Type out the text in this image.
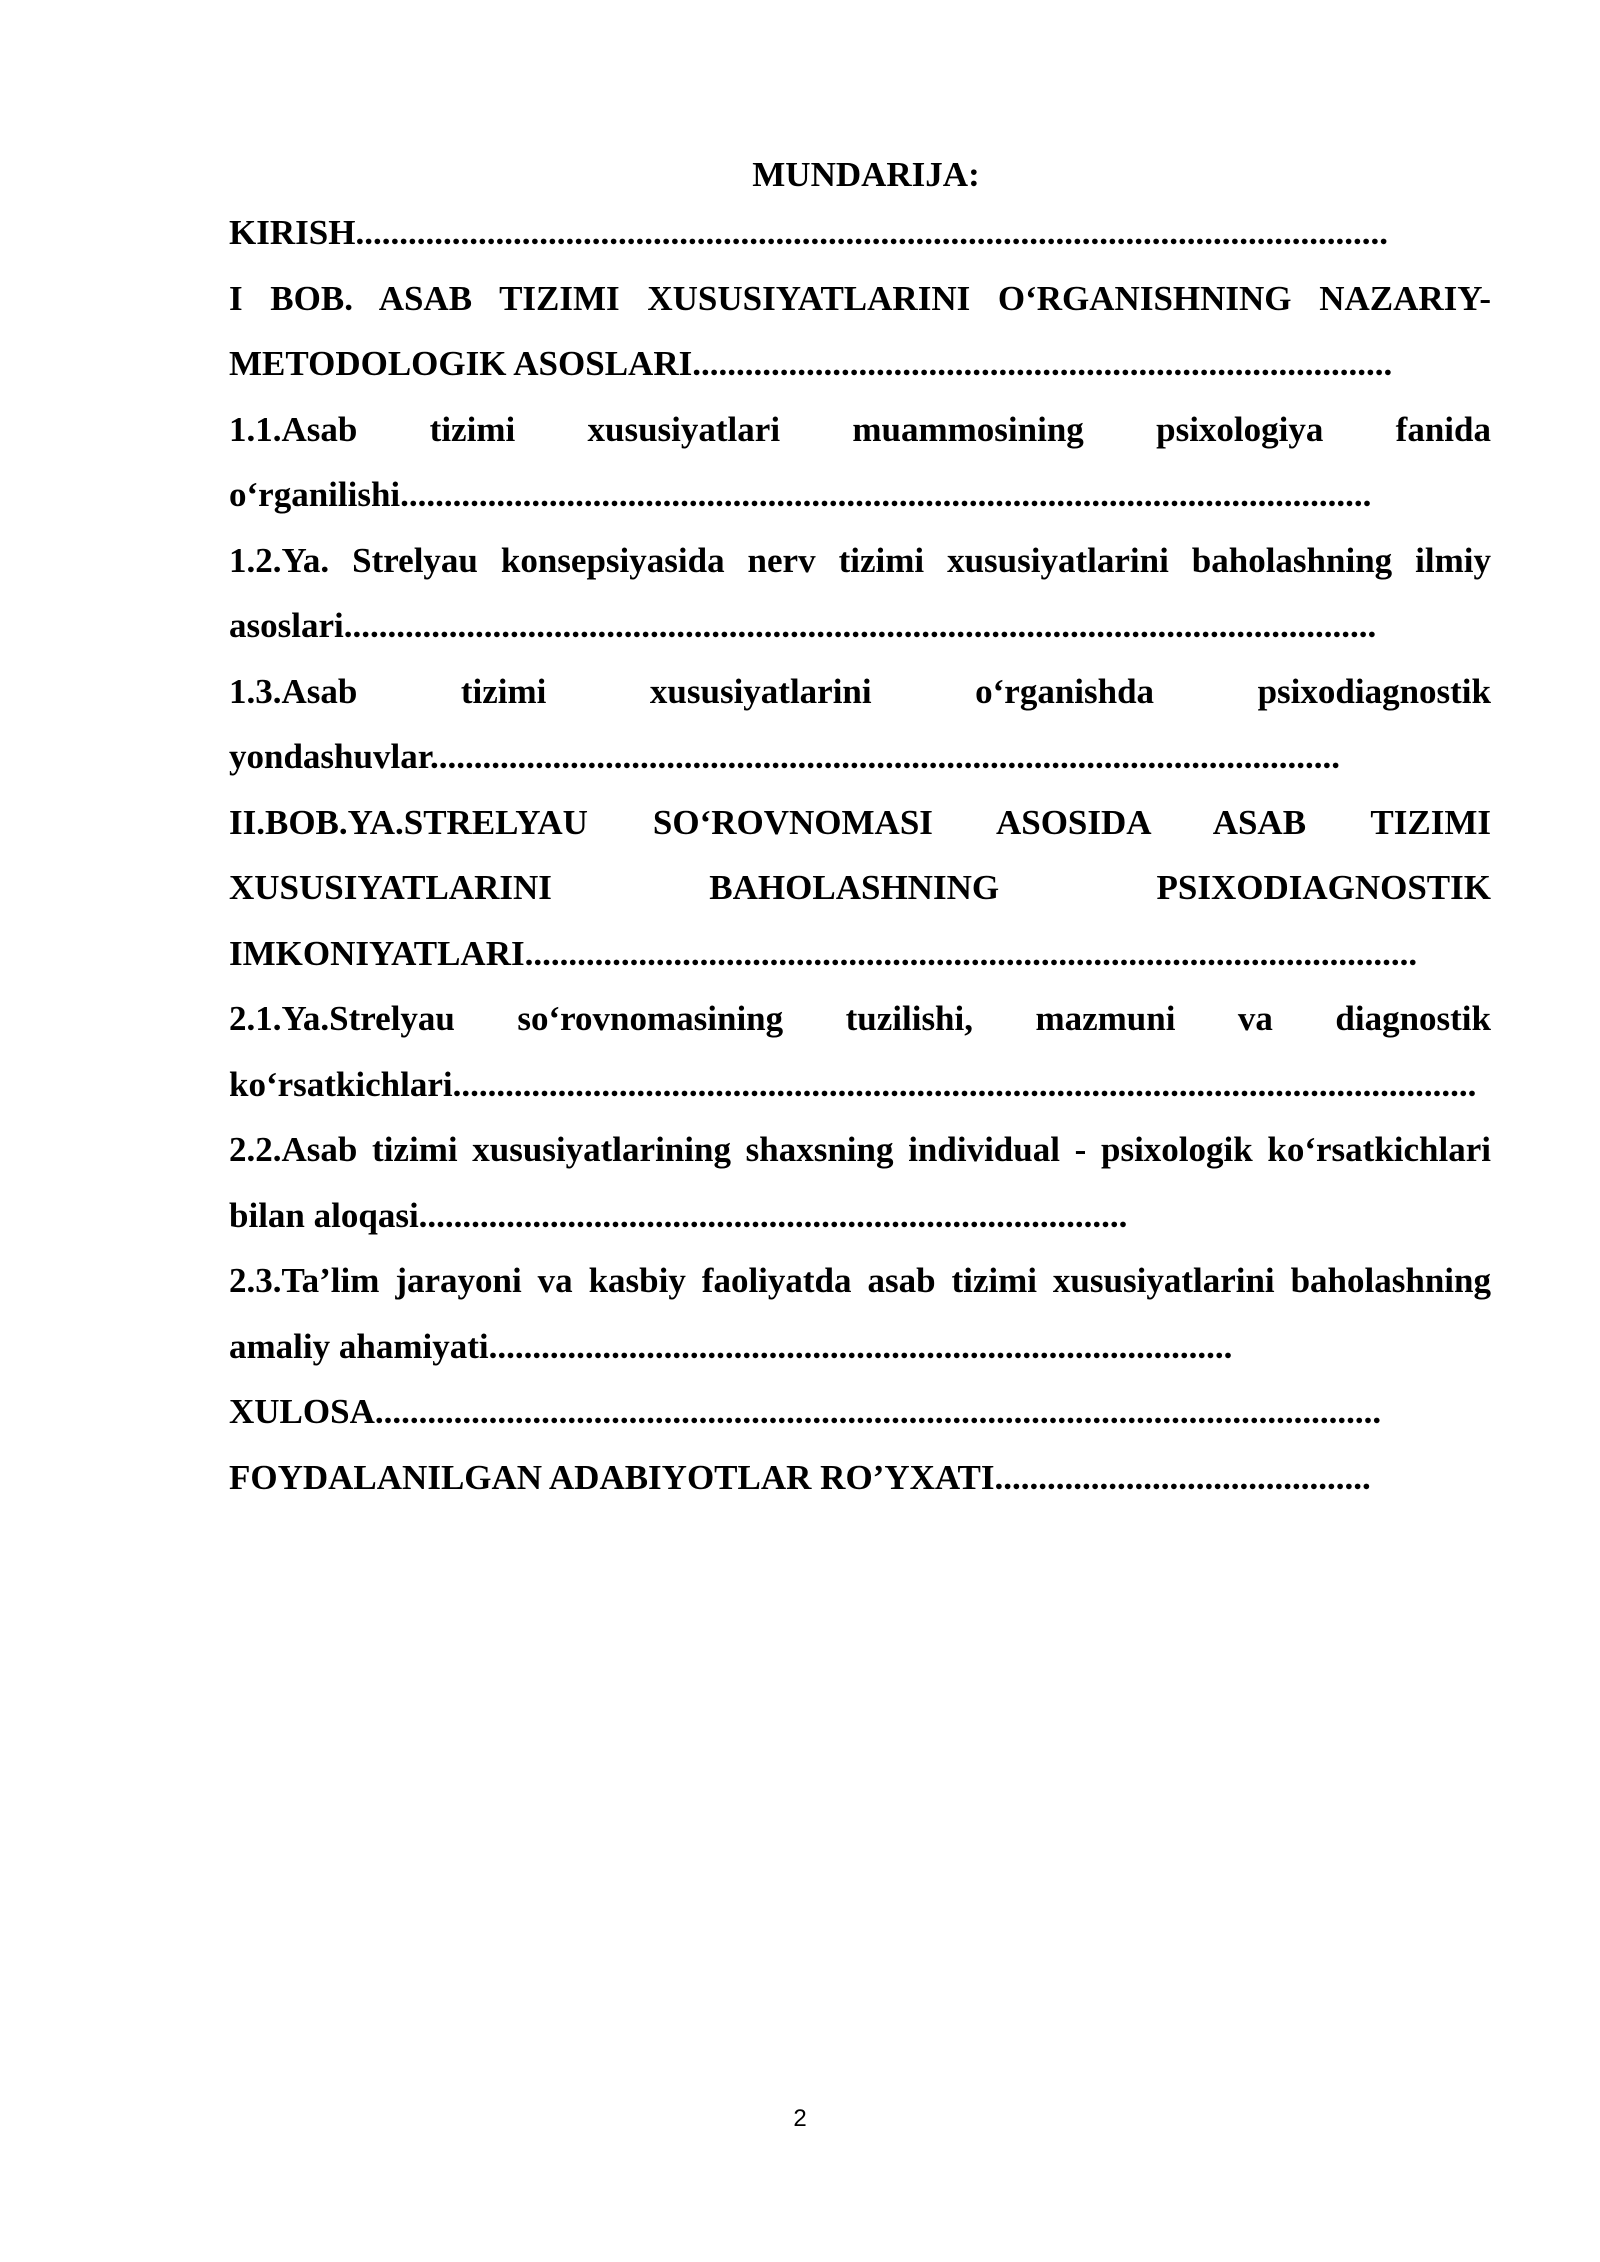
MUNDARIJA:

KIRISH......................................................................................................................

I BOB. ASAB TIZIMI XUSUSIYATLARINI O‘RGANISHNING NAZARIY-METODOLOGIK ASOSLARI................................................................................

1.1.Asab tizimi xususiyatlari muammosining psixologiya fanida o‘rganilishi...............................................................................................................

1.2.Ya. Strelyau konsepsiyasida nerv tizimi xususiyatlarini baholashning ilmiy asoslari......................................................................................................................

1.3.Asab tizimi xususiyatlarini o‘rganishda psixodiagnostik yondashuvlar........................................................................................................

II.BOB.YA.STRELYAU SO‘ROVNOMASI ASOSIDA ASAB TIZIMI XUSUSIYATLARINI BAHOLASHNING PSIXODIAGNOSTIK IMKONIYATLARI......................................................................................................

2.1.Ya.Strelyau so‘rovnomasining tuzilishi, mazmuni va diagnostik ko‘rsatkichlari.....................................................................................................................

2.2.Asab tizimi xususiyatlarining shaxsning individual - psixologik ko‘rsatkichlari bilan aloqasi.................................................................................

2.3.Ta’lim jarayoni va kasbiy faoliyatda asab tizimi xususiyatlarini baholashning amaliy ahamiyati.....................................................................................

XULOSA...................................................................................................................

FOYDALANILGAN ADABIYOTLAR RO’YXATI...........................................

2
